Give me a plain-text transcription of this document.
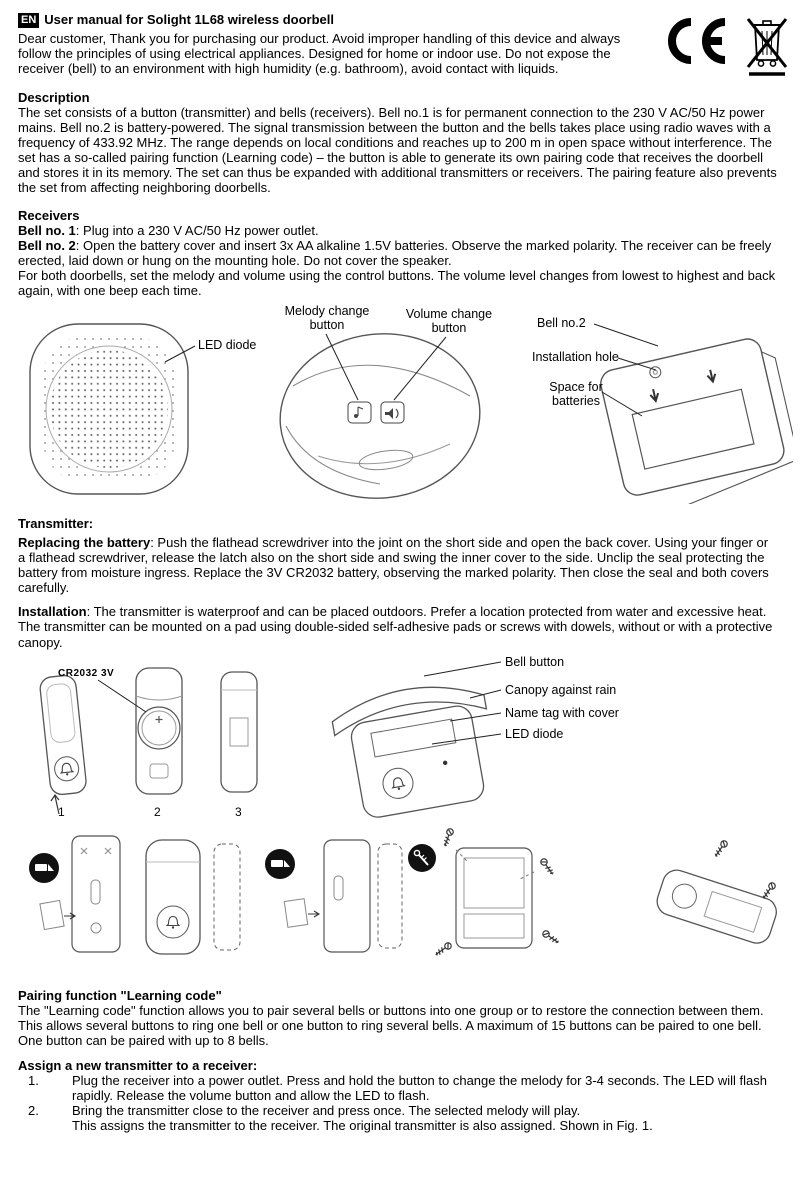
EN User manual for Solight 1L68 wireless doorbell

Dear customer, Thank you for purchasing our product. Avoid improper handling of this device and always follow the principles of using electrical appliances. Designed for home or indoor use. Do not expose the receiver (bell) to an environment with high humidity (e.g. bathroom), avoid contact with liquids.

Description

The set consists of a button (transmitter) and bells (receivers). Bell no.1 is for permanent connection to the 230 V AC/50 Hz power mains. Bell no.2 is battery-powered. The signal transmission between the button and the bells takes place using radio waves with a frequency of 433.92 MHz. The range depends on local conditions and reaches up to 200 m in open space without interference. The set has a so-called pairing function (Learning code) – the button is able to generate its own pairing code that receives the doorbell and stores it in its memory. The set can thus be expanded with additional transmitters or receivers. The pairing feature also prevents the set from affecting neighboring doorbells.

Receivers

Bell no. 1: Plug into a 230 V AC/50 Hz power outlet.

Bell no. 2: Open the battery cover and insert 3x AA alkaline 1.5V batteries. Observe the marked polarity. The receiver can be freely erected, laid down or hung on the mounting hole. Do not cover the speaker.

For both doorbells, set the melody and volume using the control buttons. The volume level changes from lowest to highest and back again, with one beep each time.

LED diode
Melody change
button
Volume change
button	Bell no.2
Installation hole
Space for
batteries
Transmitter:

Replacing the battery: Push the flathead screwdriver into the joint on the short side and open the back cover. Using your finger or a flathead screwdriver, release the latch also on the short side and swing the inner cover to the side. Unclip the seal protecting the battery from moisture ingress. Replace the 3V CR2032 battery, observing the marked polarity. Then close the seal and both covers carefully.

Installation: The transmitter is waterproof and can be placed outdoors. Prefer a location protected from water and excessive heat. The transmitter can be mounted on a pad using double-sided self-adhesive pads or screws with dowels, without or with a protective canopy.

CR2032 3V
1	2	3
Bell button
Canopy against rain
Name tag with cover
LED diode
Pairing function "Learning code"

The "Learning code" function allows you to pair several bells or buttons into one group or to restore the connection between them. This allows several buttons to ring one bell or one button to ring several bells. A maximum of 15 buttons can be paired to one bell. One button can be paired with up to 8 bells.

Assign a new transmitter to a receiver:
1.	Plug the receiver into a power outlet. Press and hold the button to change the melody for 3-4 seconds. The LED will flash rapidly. Release the volume button and allow the LED to flash.
2.	Bring the transmitter close to the receiver and press once. The selected melody will play.
This assigns the transmitter to the receiver. The original transmitter is also assigned. Shown in Fig. 1.
